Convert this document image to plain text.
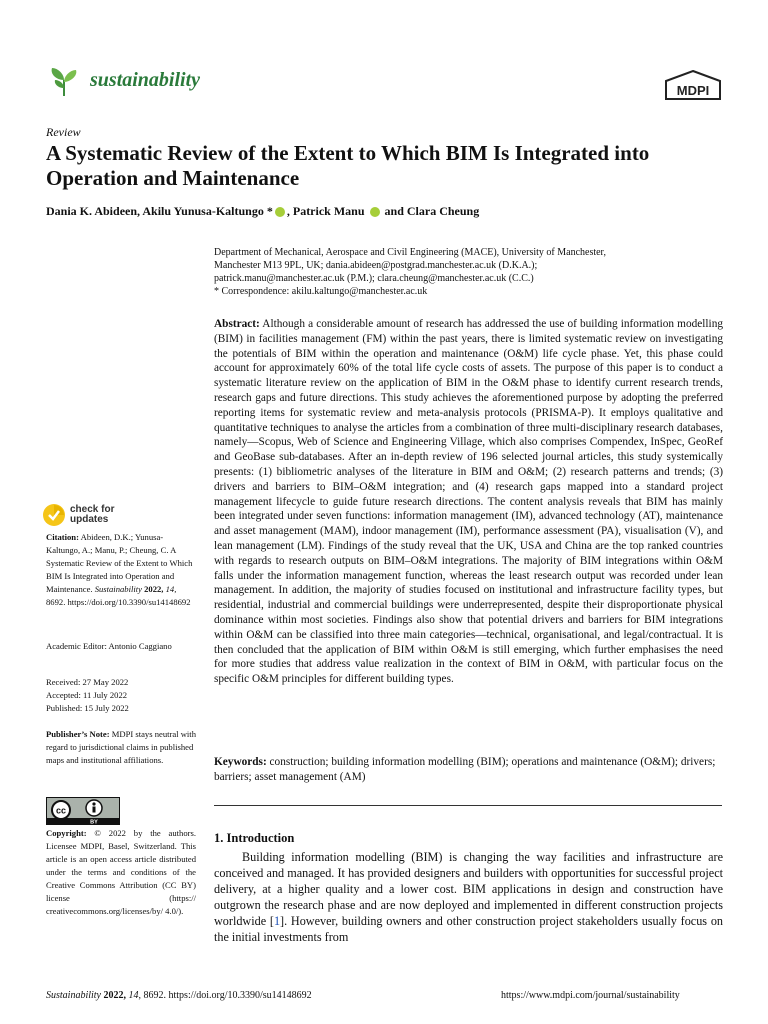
sustainability	MDPI
Review
A Systematic Review of the Extent to Which BIM Is Integrated into Operation and Maintenance
Dania K. Abideen, Akilu Yunusa-Kaltungo * , Patrick Manu  and Clara Cheung
Department of Mechanical, Aerospace and Civil Engineering (MACE), University of Manchester,
Manchester M13 9PL, UK; dania.abideen@postgrad.manchester.ac.uk (D.K.A.);
patrick.manu@manchester.ac.uk (P.M.); clara.cheung@manchester.ac.uk (C.C.)
* Correspondence: akilu.kaltungo@manchester.ac.uk
Abstract: Although a considerable amount of research has addressed the use of building information modelling (BIM) in facilities management (FM) within the past years, there is limited systematic review on investigating the potentials of BIM within the operation and maintenance (O&M) life cycle phase. Yet, this phase could account for approximately 60% of the total life cycle costs of assets. The purpose of this paper is to conduct a systematic literature review on the application of BIM in the O&M phase to identify current research trends, research gaps and future directions. This study achieves the aforementioned purpose by adopting the preferred reporting items for systematic review and meta-analysis protocols (PRISMA-P). It employs qualitative and quantitative techniques to analyse the articles from a combination of three multi-disciplinary research databases, namely—Scopus, Web of Science and Engineering Village, which also comprises Compendex, InSpec, GeoRef and GeoBase sub-databases. After an in-depth review of 196 selected journal articles, this study systemically presents: (1) bibliometric analyses of the literature in BIM and O&M; (2) research patterns and trends; (3) drivers and barriers to BIM–O&M integration; and (4) research gaps mapped into a standard project management lifecycle to guide future research directions. The content analysis reveals that BIM has mainly been integrated under seven functions: information management (IM), advanced technology (AT), maintenance and asset management (MAM), indoor management (IM), performance assessment (PA), visualisation (V), and lean management (LM). Findings of the study reveal that the UK, USA and China are the top ranked countries with regards to research outputs on BIM–O&M integrations. The majority of BIM integrations within O&M falls under the information management function, whereas the least research output was recorded under lean management. In addition, the majority of studies focused on institutional and infrastructure facility types, but residential, industrial and commercial buildings were underrepresented, despite their disproportionate physical dominance within most societies. Findings also show that potential drivers and barriers for BIM integrations within O&M can be classified into three main categories—technical, organisational, and legal/contractual. It is then concluded that the application of BIM within O&M is still emerging, which further emphasises the need for more studies that address value realization in the context of BIM in O&M, with particular focus on the specific O&M principles for different building types.
Keywords: construction; building information modelling (BIM); operations and maintenance (O&M); drivers; barriers; asset management (AM)
1. Introduction
Building information modelling (BIM) is changing the way facilities and infrastructure are conceived and managed. It has provided designers and builders with opportunities for successful project delivery, at a higher quality and a lower cost. BIM applications in design and construction have outgrown the research phase and are now deployed and implemented in different construction projects worldwide [1]. However, building owners and other construction project stakeholders usually focus on the initial investments from
check for
updates
Citation: Abideen, D.K.; Yunusa-Kaltungo, A.; Manu, P.; Cheung, C. A Systematic Review of the Extent to Which BIM Is Integrated into Operation and Maintenance. Sustainability 2022, 14, 8692. https://doi.org/10.3390/su14148692
Academic Editor: Antonio Caggiano
Received: 27 May 2022
Accepted: 11 July 2022
Published: 15 July 2022
Publisher’s Note: MDPI stays neutral with regard to jurisdictional claims in published maps and institutional affiliations.
cc
BY
Copyright: © 2022 by the authors. Licensee MDPI, Basel, Switzerland. This article is an open access article distributed under the terms and conditions of the Creative Commons Attribution (CC BY) license (https:// creativecommons.org/licenses/by/ 4.0/).
Sustainability 2022, 14, 8692. https://doi.org/10.3390/su14148692	https://www.mdpi.com/journal/sustainability
